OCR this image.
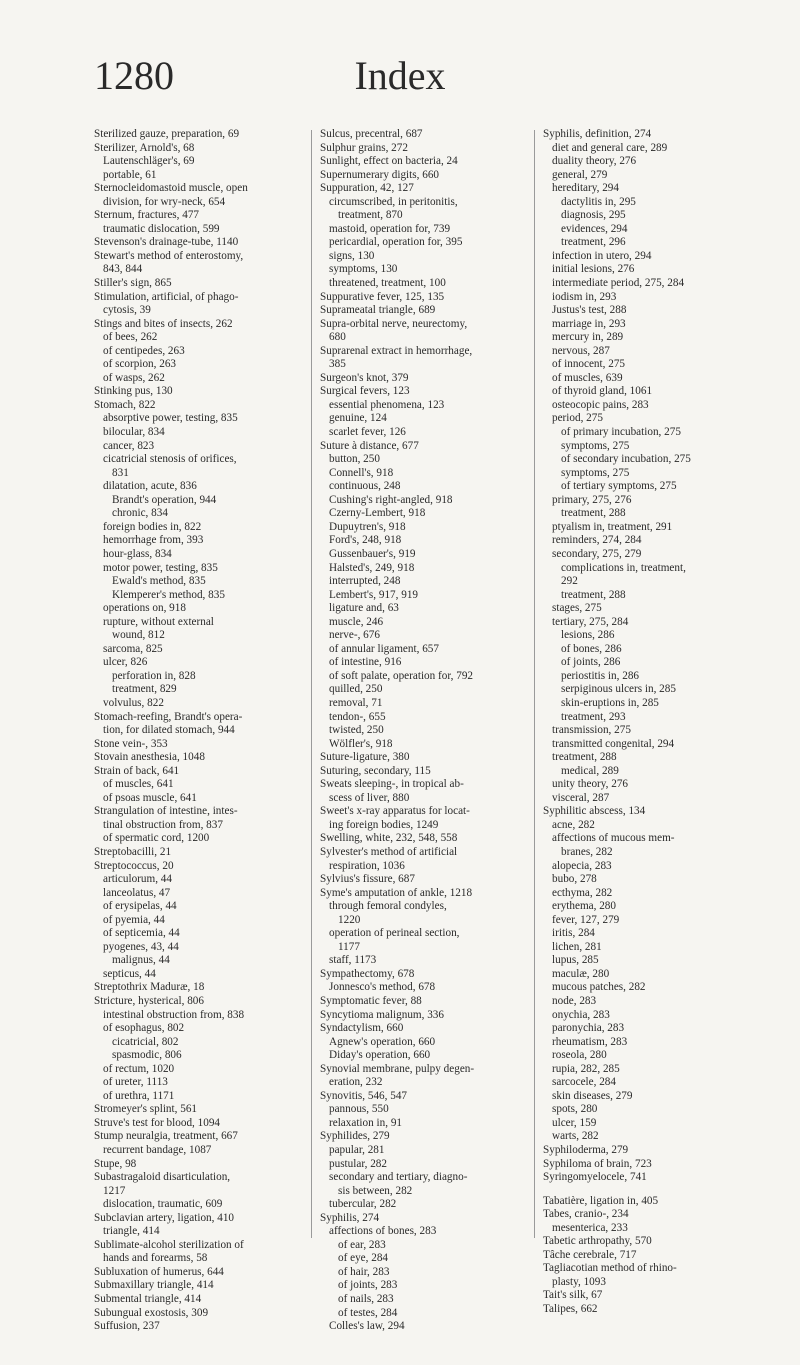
1280	Index
Sterilized gauze, preparation, 69
Sterilizer, Arnold's, 68
Lautenschläger's, 69
portable, 61
Sternocleidomastoid muscle, open
division, for wry-neck, 654
Sternum, fractures, 477
traumatic dislocation, 599
Stevenson's drainage-tube, 1140
Stewart's method of enterostomy,
843, 844
Stiller's sign, 865
Stimulation, artificial, of phago-
cytosis, 39
Stings and bites of insects, 262
of bees, 262
of centipedes, 263
of scorpion, 263
of wasps, 262
Stinking pus, 130
Stomach, 822
absorptive power, testing, 835
bilocular, 834
cancer, 823
cicatricial stenosis of orifices,
831
dilatation, acute, 836
Brandt's operation, 944
chronic, 834
foreign bodies in, 822
hemorrhage from, 393
hour-glass, 834
motor power, testing, 835
Ewald's method, 835
Klemperer's method, 835
operations on, 918
rupture, without external
wound, 812
sarcoma, 825
ulcer, 826
perforation in, 828
treatment, 829
volvulus, 822
Stomach-reefing, Brandt's opera-
tion, for dilated stomach, 944
Stone vein-, 353
Stovain anesthesia, 1048
Strain of back, 641
of muscles, 641
of psoas muscle, 641
Strangulation of intestine, intes-
tinal obstruction from, 837
of spermatic cord, 1200
Streptobacilli, 21
Streptococcus, 20
articulorum, 44
lanceolatus, 47
of erysipelas, 44
of pyemia, 44
of septicemia, 44
pyogenes, 43, 44
malignus, 44
septicus, 44
Streptothrix Maduræ, 18
Stricture, hysterical, 806
intestinal obstruction from, 838
of esophagus, 802
cicatricial, 802
spasmodic, 806
of rectum, 1020
of ureter, 1113
of urethra, 1171
Stromeyer's splint, 561
Struve's test for blood, 1094
Stump neuralgia, treatment, 667
recurrent bandage, 1087
Stupe, 98
Subastragaloid disarticulation,
1217
dislocation, traumatic, 609
Subclavian artery, ligation, 410
triangle, 414
Sublimate-alcohol sterilization of
hands and forearms, 58
Subluxation of humerus, 644
Submaxillary triangle, 414
Submental triangle, 414
Subungual exostosis, 309
Suffusion, 237
Sulcus, precentral, 687
Sulphur grains, 272
Sunlight, effect on bacteria, 24
Supernumerary digits, 660
Suppuration, 42, 127
circumscribed, in peritonitis,
treatment, 870
mastoid, operation for, 739
pericardial, operation for, 395
signs, 130
symptoms, 130
threatened, treatment, 100
Suppurative fever, 125, 135
Suprameatal triangle, 689
Supra-orbital nerve, neurectomy,
680
Suprarenal extract in hemorrhage,
385
Surgeon's knot, 379
Surgical fevers, 123
essential phenomena, 123
genuine, 124
scarlet fever, 126
Suture à distance, 677
button, 250
Connell's, 918
continuous, 248
Cushing's right-angled, 918
Czerny-Lembert, 918
Dupuytren's, 918
Ford's, 248, 918
Gussenbauer's, 919
Halsted's, 249, 918
interrupted, 248
Lembert's, 917, 919
ligature and, 63
muscle, 246
nerve-, 676
of annular ligament, 657
of intestine, 916
of soft palate, operation for, 792
quilled, 250
removal, 71
tendon-, 655
twisted, 250
Wölfler's, 918
Suture-ligature, 380
Suturing, secondary, 115
Sweats sleeping-, in tropical ab-
scess of liver, 880
Sweet's x-ray apparatus for locat-
ing foreign bodies, 1249
Swelling, white, 232, 548, 558
Sylvester's method of artificial
respiration, 1036
Sylvius's fissure, 687
Syme's amputation of ankle, 1218
through femoral condyles,
1220
operation of perineal section,
1177
staff, 1173
Sympathectomy, 678
Jonnesco's method, 678
Symptomatic fever, 88
Syncytioma malignum, 336
Syndactylism, 660
Agnew's operation, 660
Diday's operation, 660
Synovial membrane, pulpy degen-
eration, 232
Synovitis, 546, 547
pannous, 550
relaxation in, 91
Syphilides, 279
papular, 281
pustular, 282
secondary and tertiary, diagno-
sis between, 282
tubercular, 282
Syphilis, 274
affections of bones, 283
of ear, 283
of eye, 284
of hair, 283
of joints, 283
of nails, 283
of testes, 284
Colles's law, 294
Syphilis, definition, 274
diet and general care, 289
duality theory, 276
general, 279
hereditary, 294
dactylitis in, 295
diagnosis, 295
evidences, 294
treatment, 296
infection in utero, 294
initial lesions, 276
intermediate period, 275, 284
iodism in, 293
Justus's test, 288
marriage in, 293
mercury in, 289
nervous, 287
of innocent, 275
of muscles, 639
of thyroid gland, 1061
osteocopic pains, 283
period, 275
of primary incubation, 275
symptoms, 275
of secondary incubation, 275
symptoms, 275
of tertiary symptoms, 275
primary, 275, 276
treatment, 288
ptyalism in, treatment, 291
reminders, 274, 284
secondary, 275, 279
complications in, treatment,
292
treatment, 288
stages, 275
tertiary, 275, 284
lesions, 286
of bones, 286
of joints, 286
periostitis in, 286
serpiginous ulcers in, 285
skin-eruptions in, 285
treatment, 293
transmission, 275
transmitted congenital, 294
treatment, 288
medical, 289
unity theory, 276
visceral, 287
Syphilitic abscess, 134
acne, 282
affections of mucous mem-
branes, 282
alopecia, 283
bubo, 278
ecthyma, 282
erythema, 280
fever, 127, 279
iritis, 284
lichen, 281
lupus, 285
maculæ, 280
mucous patches, 282
node, 283
onychia, 283
paronychia, 283
rheumatism, 283
roseola, 280
rupia, 282, 285
sarcocele, 284
skin diseases, 279
spots, 280
ulcer, 159
warts, 282
Syphiloderma, 279
Syphiloma of brain, 723
Syringomyelocele, 741
Tabatière, ligation in, 405
Tabes, cranio-, 234
mesenterica, 233
Tabetic arthropathy, 570
Tâche cerebrale, 717
Tagliacotian method of rhino-
plasty, 1093
Tait's silk, 67
Talipes, 662
